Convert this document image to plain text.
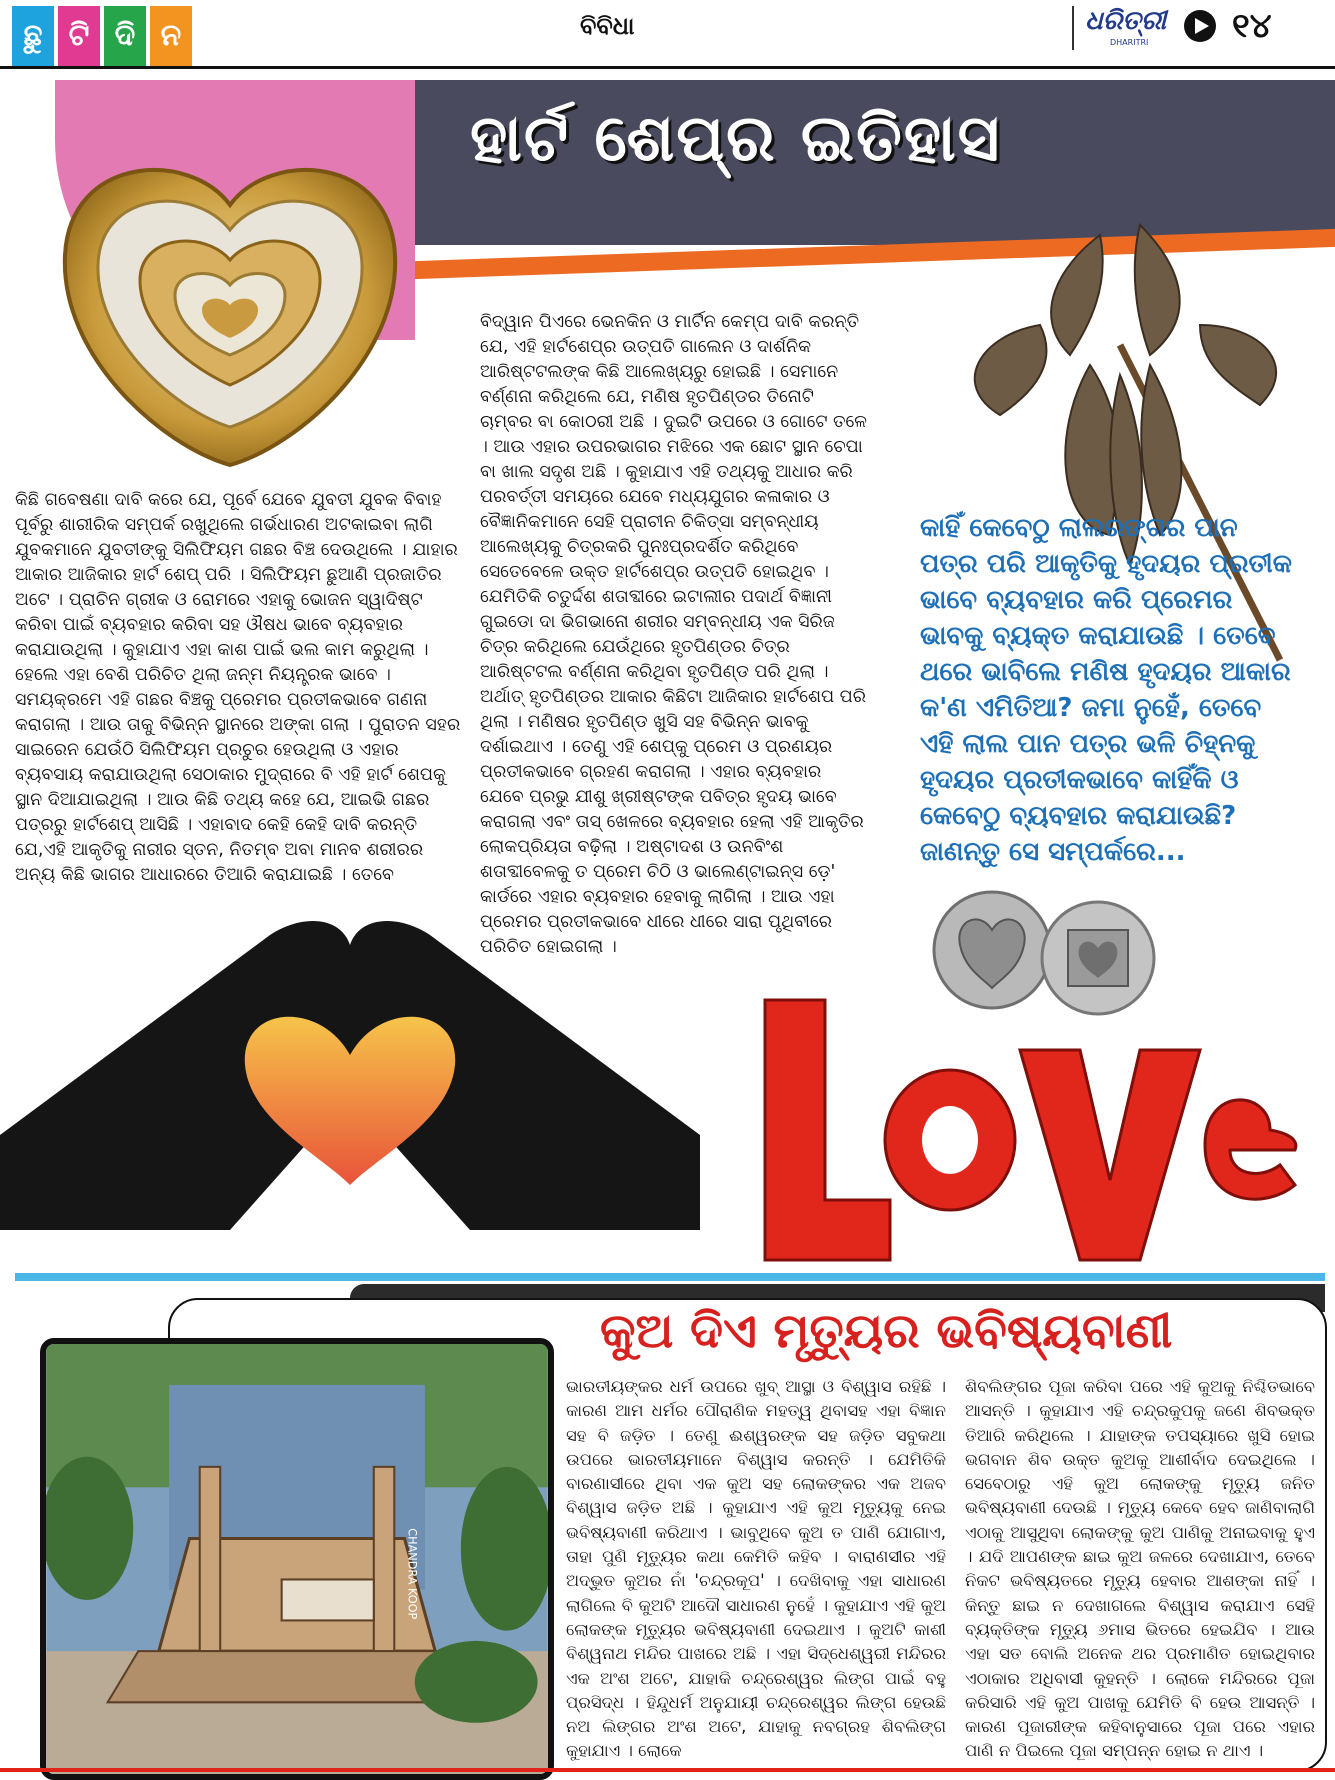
ଛୁ ଟି ଦି ନ	ବିବିଧା	ଧରିତ୍ରୀ
DHARITRI ୧୪
ହାର୍ଟ ଶେପ୍‌ର ଇତିହାସ

କିଛି ଗବେଷଣା ଦାବି କରେ ଯେ, ପୂର୍ବେ ଯେବେ ଯୁବତୀ ଯୁବକ ବିବାହ ପୂର୍ବରୁ ଶାରୀରିକ ସମ୍ପର୍କ ରଖୁଥିଲେ ଗର୍ଭଧାରଣ ଅଟକାଇବା ଲାଗି ଯୁବକମାନେ ଯୁବତୀଙ୍କୁ ସିଲିଫିୟମ ଗଛର ବିଞ୍ଚ ଦେଉଥିଲେ । ଯାହାର ଆକାର ଆଜିକାର ହାର୍ଟ ଶେପ୍ ପରି । ସିଲିଫିୟମ ଛୁଆଣି ପ୍ରଜାତିର ଅଟେ । ପ୍ରାଚିନ ଗ୍ରୀକ ଓ ରୋମରେ ଏହାକୁ ଭୋଜନ ସ୍ୱାଦିଷ୍ଟ କରିବା ପାଇଁ ବ୍ୟବହାର କରିବା ସହ ଔଷଧ ଭାବେ ବ୍ୟବହାର କରାଯାଉଥିଲା । କୁହାଯାଏ ଏହା କାଶ ପାଇଁ ଭଲ କାମ କରୁଥିଲା । ହେଲେ ଏହା ବେଶି ପରିଚିତ ଥିଲା ଜନ୍ମ ନିୟନ୍ତ୍ରକ ଭାବେ । ସମୟକ୍ରମେ ଏହି ଗଛର ବିଞ୍ଚକୁ ପ୍ରେମର ପ୍ରତୀକଭାବେ ଗଣନା କରାଗଲା । ଆଉ ତାକୁ ବିଭିନ୍ନ ସ୍ଥାନରେ ଅଙ୍କା ଗଲା । ପୁରାତନ ସହର ସାଇରେନ ଯେଉଁଠି ସିଲିଫିୟମ ପ୍ରଚୁର ହେଉଥିଲା ଓ ଏହାର ବ୍ୟବସାୟ କରାଯାଉଥିଲା ସେଠାକାର ମୁଦ୍ରାରେ ବି ଏହି ହାର୍ଟ ଶେପକୁ ସ୍ଥାନ ଦିଆଯାଇଥିଲା । ଆଉ କିଛି ତଥ୍ୟ କହେ ଯେ, ଆଇଭି ଗଛର ପତ୍ରରୁ ହାର୍ଟଶେପ୍ ଆସିଛି । ଏହାବାଦ କେହି କେହି ଦାବି କରନ୍ତି ଯେ,ଏହି ଆକୃତିକୁ ନାରୀର ସ୍ତନ, ନିତମ୍ବ ଅବା ମାନବ ଶରୀରର ଅନ୍ୟ କିଛି ଭାଗର ଆଧାରରେ ତିଆରି କରାଯାଇଛି । ତେବେ

ବିଦ୍ୱାନ ପିଏରେ ଭେନକିନ ଓ ମାର୍ଟିନ କେମ୍ପ ଦାବି କରନ୍ତି ଯେ, ଏହି ହାର୍ଟଶେପ୍‌ର ଉତ୍ପତି ଗାଲେନ ଓ ଦାର୍ଶନିକ ଆରିଷ୍ଟଟଲଙ୍କ କିଛି ଆଲେଖ୍ୟରୁ ହୋଇଛି । ସେମାନେ ବର୍ଣ୍ଣନା କରିଥିଲେ ଯେ, ମଣିଷ ହୃତପିଣ୍ଡର ତିନୋଟି ଚାମ୍ବର ବା କୋଠରୀ ଅଛି । ଦୁଇଟି ଉପରେ ଓ ଗୋଟେ ତଳେ । ଆଉ ଏହାର ଉପରଭାଗର ମଝିରେ ଏକ ଛୋଟ ସ୍ଥାନ ଚେପା ବା ଖାଲ ସଦୃଶ ଅଛି । କୁହାଯାଏ ଏହି ତଥ୍ୟକୁ ଆଧାର କରି ପରବର୍ତ୍ତୀ ସମୟରେ ଯେବେ ମଧ୍ୟଯୁଗର କଳାକାର ଓ ବୈଜ୍ଞାନିକମାନେ ସେହି ପ୍ରାଚୀନ ଚିକିତ୍ସା ସମ୍ବନ୍ଧୀୟ ଆଲେଖ୍ୟକୁ ଚିତ୍ରକରି ପୁନଃପ୍ରଦର୍ଶିତ କରିଥିବେ ସେତେବେଳେ ଉକ୍ତ ହାର୍ଟଶେପ୍‌ର ଉତ୍ପତି ହୋଇଥିବ । ଯେମିତିକି ଚତୁର୍ଦ୍ଦଶ ଶତାବ୍ଦୀରେ ଇଟାଲୀର ପଦାର୍ଥ ବିଜ୍ଞାନୀ ଗୁଇଡୋ ଦା ଭିଗଭାନୋ ଶରୀର ସମ୍ବନ୍ଧୀୟ ଏକ ସିରିଜ ଚିତ୍ର କରିଥିଲେ ଯେଉଁଥିରେ ହୃତପିଣ୍ଡର ଚିତ୍ର ଆରିଷ୍ଟଟଲ ବର୍ଣ୍ଣନା କରିଥିବା ହୃତପିଣ୍ଡ ପରି ଥିଲା । ଅର୍ଥାତ୍ ହୃତପିଣ୍ଡର ଆକାର କିଛିଟା ଆଜିକାର ହାର୍ଟଶେପ ପରି ଥିଲା । ମଣିଷର ହୃତପିଣ୍ଡ ଖୁସି ସହ ବିଭିନ୍ନ ଭାବକୁ ଦର୍ଶାଇଥାଏ । ତେଣୁ ଏହି ଶେପ୍‌କୁ ପ୍ରେମ ଓ ପ୍ରଣୟର ପ୍ରତୀକଭାବେ ଗ୍ରହଣ କରାଗଲା । ଏହାର ବ୍ୟବହାର ଯେବେ ପ୍ରଭୁ ଯୀଶୁ ଖ୍ରୀଷ୍ଟଙ୍କ ପବିତ୍ର ହୃଦୟ ଭାବେ କରାଗଲା ଏବଂ ତାସ୍ ଖେଳରେ ବ୍ୟବହାର ହେଲା ଏହି ଆକୃତିର ଲୋକପ୍ରିୟତା ବଢ଼ିଲା । ଅଷ୍ଟାଦଶ ଓ ଉନବିଂଶ ଶତାବ୍ଦୀବେଳକୁ ତ ପ୍ରେମ ଚିଠି ଓ ଭାଲେଣ୍ଟାଇନ୍ସ ଡ଼େ' କାର୍ଡରେ ଏହାର ବ୍ୟବହାର ହେବାକୁ ଲାଗିଲା । ଆଉ ଏହା ପ୍ରେମର ପ୍ରତୀକଭାବେ ଧୀରେ ଧୀରେ ସାରା ପୃଥିବୀରେ ପରିଚିତ ହୋଇଗଲା ।

କାହିଁ କେବେଠୁ ଲାଲରଙ୍ଗର ପାନ ପତ୍ର ପରି ଆକୃତିକୁ ହୃଦୟର ପ୍ରତୀକ ଭାବେ ବ୍ୟବହାର କରି ପ୍ରେମର ଭାବକୁ ବ୍ୟକ୍ତ କରାଯାଉଛି । ତେବେ ଥରେ ଭାବିଲେ ମଣିଷ ହୃଦୟର ଆକାର କ'ଣ ଏମିତିଆ? ଜମା ନୁହେଁ, ତେବେ ଏହି ଲାଲ ପାନ ପତ୍ର ଭଳି ଚିହ୍ନକୁ ହୃଦୟର ପ୍ରତୀକଭାବେ କାହିଁକି ଓ କେବେଠୁ ବ୍ୟବହାର କରାଯାଉଛି? ଜାଣନ୍ତୁ ସେ ସମ୍ପର୍କରେ...
Love
କୁଅ ଦିଏ ମୃତ୍ୟୁର ଭବିଷ୍ୟବାଣୀ
CHANDRA KOOP

ଭାରତୀୟଙ୍କର ଧର୍ମ ଉପରେ ଖୁବ୍ ଆସ୍ଥା ଓ ବିଶ୍ୱାସ ରହିଛି । କାରଣ ଆମ ଧର୍ମର ପୌରାଣିକ ମହତ୍ୱ ଥିବାସହ ଏହା ବିଜ୍ଞାନ ସହ ବି ଜଡ଼ିତ । ତେଣୁ ଈଶ୍ୱରଙ୍କ ସହ ଜଡ଼ିତ ସବୁକଥା ଉପରେ ଭାରତୀୟମାନେ ବିଶ୍ୱାସ କରନ୍ତି । ଯେମିତିକି ବାରଣାସୀରେ ଥିବା ଏକ କୁଅ ସହ ଲୋକଙ୍କର ଏକ ଅଜବ ବିଶ୍ୱାସ ଜଡ଼ିତ ଅଛି । କୁହାଯାଏ ଏହି କୁଅ ମୃତ୍ୟୁକୁ ନେଇ ଭବିଷ୍ୟବାଣୀ କରିଥାଏ । ଭାବୁଥିବେ କୁଅ ତ ପାଣି ଯୋଗାଏ, ତାହା ପୁଣି ମୃତ୍ୟୁର କଥା କେମିତି କହିବ । ବାରାଣସୀର ଏହି ଅଦ୍ଭୁତ କୁଅର ନାଁ 'ଚନ୍ଦ୍ରକୂପ' । ଦେଖିବାକୁ ଏହା ସାଧାରଣ ଲାଗିଲେ ବି କୁଅଟି ଆଦୌ ସାଧାରଣ ନୁହେଁ । କୁହାଯାଏ ଏହି କୁଅ ଲୋକଙ୍କ ମୃତ୍ୟୁର ଭବିଷ୍ୟବାଣୀ ଦେଇଥାଏ । କୁଅଟି କାଶୀ ବିଶ୍ୱନାଥ ମନ୍ଦିର ପାଖରେ ଅଛି । ଏହା ସିଦ୍ଧେଶ୍ୱରୀ ମନ୍ଦିରର ଏକ ଅଂଶ ଅଟେ, ଯାହାକି ଚନ୍ଦ୍ରେଶ୍ୱର ଲିଙ୍ଗ ପାଇଁ ବହୁ ପ୍ରସିଦ୍ଧ । ହିନ୍ଦୁଧର୍ମ ଅନୁଯାୟୀ ଚନ୍ଦ୍ରେଶ୍ୱର ଲିଙ୍ଗ ହେଉଛି ନଅ ଲିଙ୍ଗର ଅଂଶ ଅଟେ, ଯାହାକୁ ନବଗ୍ରହ ଶିବଲିଙ୍ଗ କୁହାଯାଏ । ଲୋକେ

ଶିବଲିଙ୍ଗର ପୂଜା କରିବା ପରେ ଏହି କୁଅକୁ ନିଶ୍ଚିତଭାବେ ଆସନ୍ତି । କୁହାଯାଏ ଏହି ଚନ୍ଦ୍ରକୁପକୁ ଜଣେ ଶିବଭକ୍ତ ତିଆରି କରିଥିଲେ । ଯାହାଙ୍କ ତପସ୍ୟାରେ ଖୁସି ହୋଇ ଭଗବାନ ଶିବ ଉକ୍ତ କୁଅକୁ ଆଶୀର୍ବାଦ ଦେଇଥିଲେ । ସେବେଠାରୁ ଏହି କୁଅ ଲୋକଙ୍କୁ ମୃତ୍ୟୁ ଜନିତ ଭବିଷ୍ୟବାଣୀ ଦେଉଛି । ମୃତ୍ୟୁ କେବେ ହେବ ଜାଣିବାଲାଗି ଏଠାକୁ ଆସୁଥିବା ଲୋକଙ୍କୁ କୁଅ ପାଣିକୁ ଅନାଇବାକୁ ହୁଏ । ଯଦି ଆପଣଙ୍କ ଛାଇ କୁଅ ଜଳରେ ଦେଖାଯାଏ, ତେବେ ନିକଟ ଭବିଷ୍ୟତରେ ମୃତ୍ୟୁ ହେବାର ଆଶଙ୍କା ନାହିଁ । କିନ୍ତୁ ଛାଇ ନ ଦେଖାଗଲେ ବିଶ୍ୱାସ କରାଯାଏ ସେହି ବ୍ୟକ୍ତିଙ୍କ ମୃତ୍ୟୁ ୬ମାସ ଭିତରେ ହେଇଯିବ । ଆଉ ଏହା ସତ ବୋଲି ଅନେକ ଥର ପ୍ରମାଣିତ ହୋଇଥିବାର ଏଠାକାର ଅଧିବାସୀ କୁହନ୍ତି । ଲୋକେ ମନ୍ଦିରରେ ପୂଜା କରିସାରି ଏହି କୁଅ ପାଖକୁ ଯେମିତି ବି ହେଉ ଆସନ୍ତି । କାରଣ ପୂଜାରୀଙ୍କ କହିବାନୁସାରେ ପୂଜା ପରେ ଏହାର ପାଣି ନ ପିଇଲେ ପୂଜା ସମ୍ପନ୍ନ ହୋଇ ନ ଥାଏ ।
